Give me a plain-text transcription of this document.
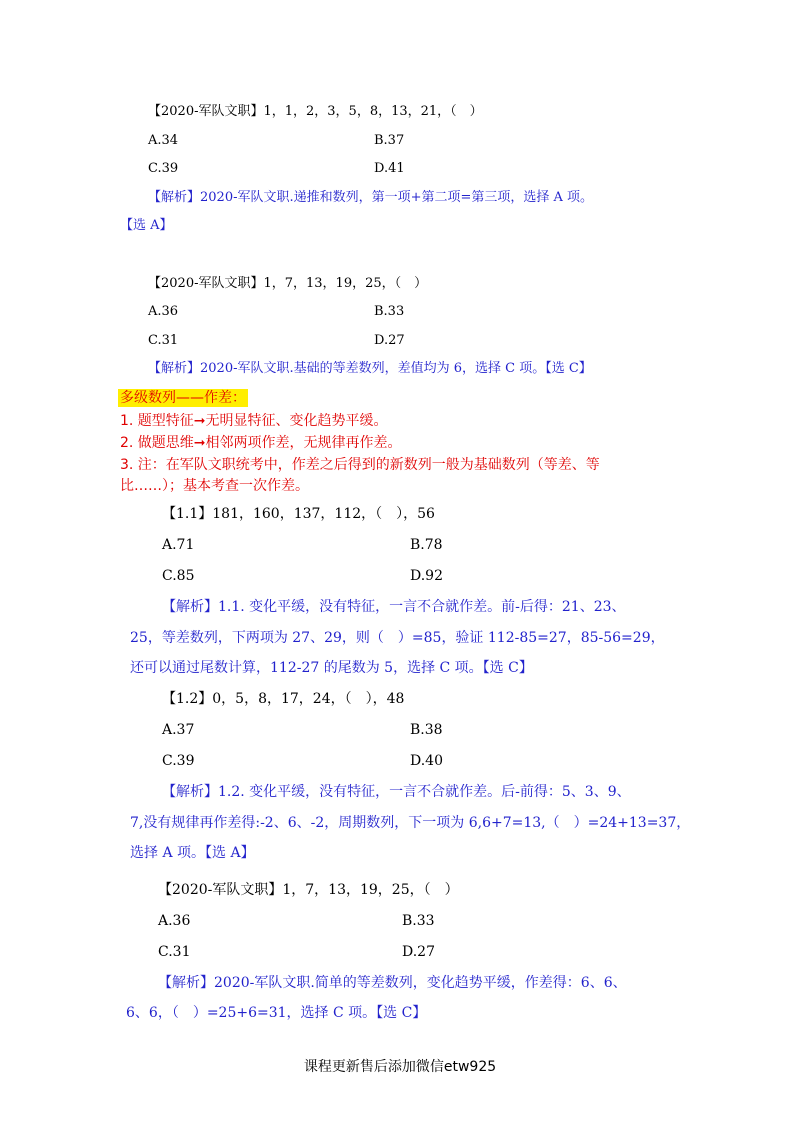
【2020-军队文职】1，1，2，3，5，8，13，21，（　）
A.34	B.37
C.39	D.41
【解析】2020-军队文职.递推和数列，第一项+第二项=第三项，选择 A 项。
【选 A】
【2020-军队文职】1，7，13，19，25，（　）
A.36	B.33
C.31	D.27
【解析】2020-军队文职.基础的等差数列，差值均为 6，选择 C 项。【选 C】
多级数列——作差：
1. 题型特征➞无明显特征、变化趋势平缓。
2. 做题思维➞相邻两项作差，无规律再作差。
3. 注：在军队文职统考中，作差之后得到的新数列一般为基础数列（等差、等
比……）；基本考查一次作差。
【1.1】181，160，137，112，（　），56
A.71	B.78
C.85	D.92
【解析】1.1. 变化平缓，没有特征，一言不合就作差。前-后得：21、23、
25，等差数列，下两项为 27、29，则（　）=85，验证 112-85=27，85-56=29，
还可以通过尾数计算，112-27 的尾数为 5，选择 C 项。【选 C】
【1.2】0，5，8，17，24，（　），48
A.37	B.38
C.39	D.40
【解析】1.2. 变化平缓，没有特征，一言不合就作差。后-前得：5、3、9、
7,没有规律再作差得:-2、6、-2，周期数列，下一项为 6,6+7=13,（　）=24+13=37，
选择 A 项。【选 A】
【2020-军队文职】1，7，13，19，25，（　）
A.36	B.33
C.31	D.27
【解析】2020-军队文职.简单的等差数列，变化趋势平缓，作差得：6、6、
6、6，（　）=25+6=31，选择 C 项。【选 C】
课程更新售后添加微信etw925
